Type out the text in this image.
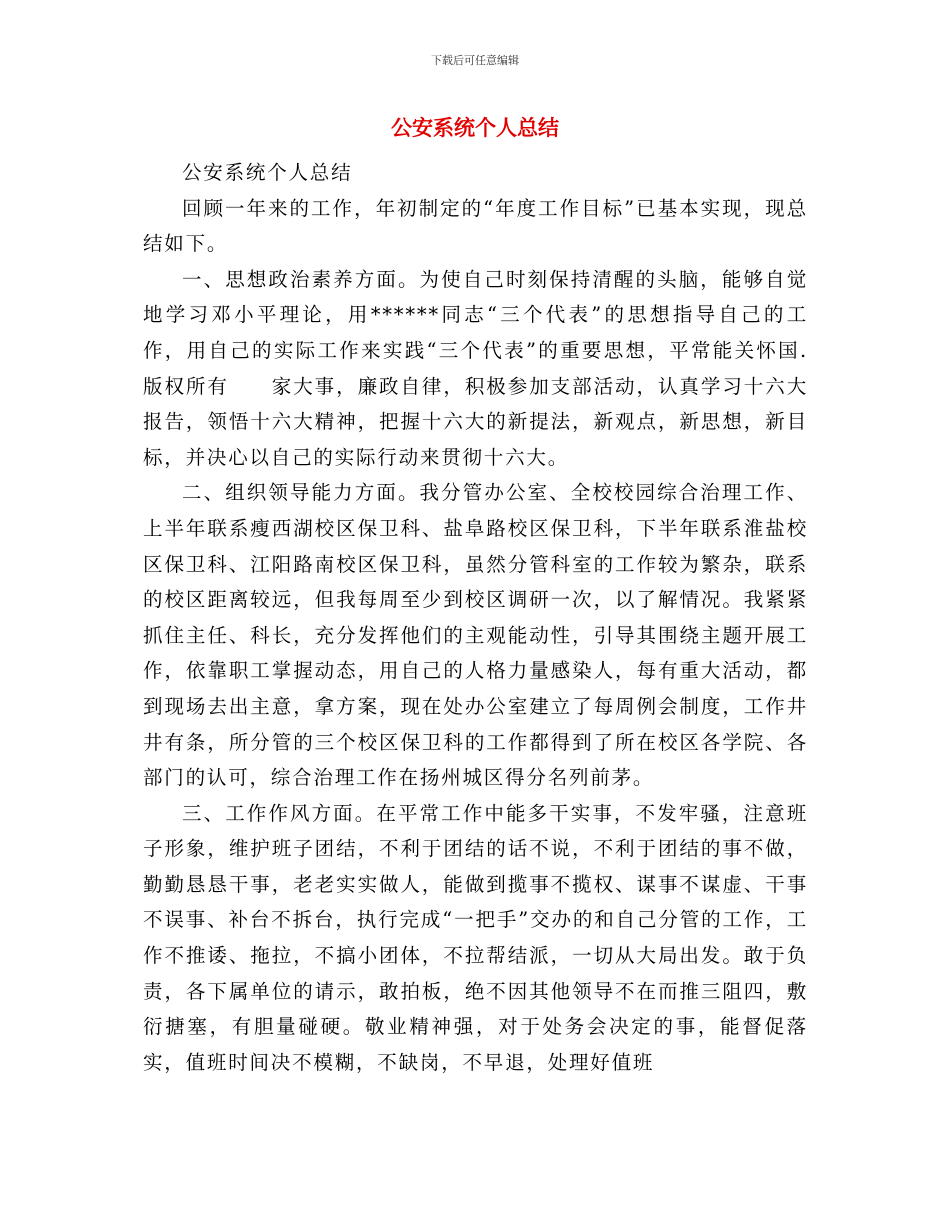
下载后可任意编辑
公安系统个人总结

公安系统个人总结

回顾一年来的工作，年初制定的“年度工作目标”已基本实现，现总结如下。

一、思想政治素养方面。为使自己时刻保持清醒的头脑，能够自觉地学习邓小平理论，用******同志“三个代表”的思想指导自己的工作，用自己的实际工作来实践“三个代表”的重要思想，平常能关怀国.版权所有　　家大事，廉政自律，积极参加支部活动，认真学习十六大报告，领悟十六大精神，把握十六大的新提法，新观点，新思想，新目标，并决心以自己的实际行动来贯彻十六大。

二、组织领导能力方面。我分管办公室、全校校园综合治理工作、上半年联系瘦西湖校区保卫科、盐阜路校区保卫科，下半年联系淮盐校区保卫科、江阳路南校区保卫科，虽然分管科室的工作较为繁杂，联系的校区距离较远，但我每周至少到校区调研一次，以了解情况。我紧紧抓住主任、科长，充分发挥他们的主观能动性，引导其围绕主题开展工作，依靠职工掌握动态，用自己的人格力量感染人，每有重大活动，都到现场去出主意，拿方案，现在处办公室建立了每周例会制度，工作井井有条，所分管的三个校区保卫科的工作都得到了所在校区各学院、各部门的认可，综合治理工作在扬州城区得分名列前茅。

三、工作作风方面。在平常工作中能多干实事，不发牢骚，注意班子形象，维护班子团结，不利于团结的话不说，不利于团结的事不做，勤勤恳恳干事，老老实实做人，能做到揽事不揽权、谋事不谋虚、干事不误事、补台不拆台，执行完成“一把手”交办的和自己分管的工作，工作不推诿、拖拉，不搞小团体，不拉帮结派，一切从大局出发。敢于负责，各下属单位的请示，敢拍板，绝不因其他领导不在而推三阻四，敷衍搪塞，有胆量碰硬。敬业精神强，对于处务会决定的事，能督促落实，值班时间决不模糊，不缺岗，不早退，处理好值班
